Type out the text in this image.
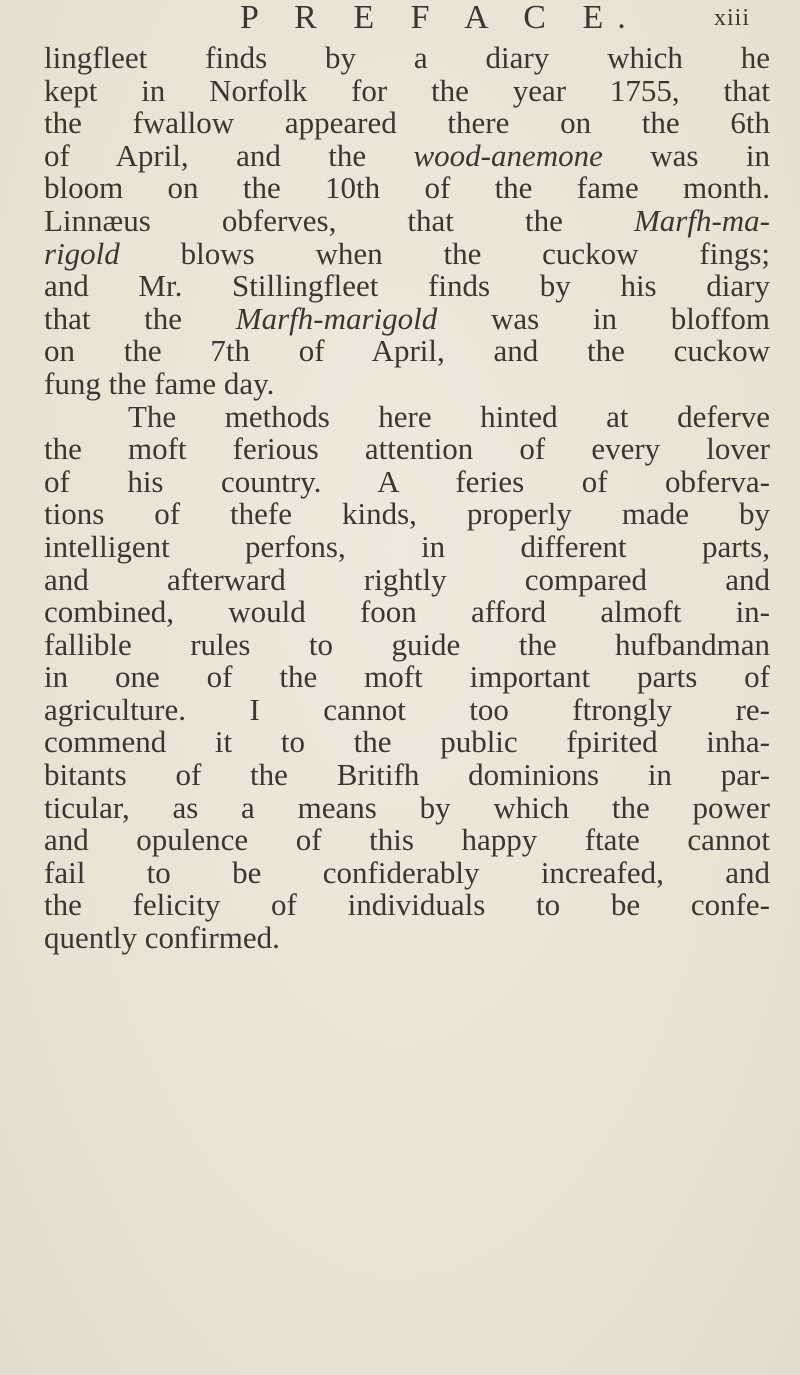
P R E F A C E.	xiii
lingfleet finds by a diary which he
kept in Norfolk for the year 1755, that
the fwallow appeared there on the 6th
of April, and the wood-anemone was in
bloom on the 10th of the fame month.
Linnæus obferves, that the Marfh-ma-
rigold blows when the cuckow fings;
and Mr. Stillingfleet finds by his diary
that the Marfh-marigold was in bloffom
on the 7th of April, and the cuckow
fung the fame day.
The methods here hinted at deferve
the moft ferious attention of every lover
of his country. A feries of obferva-
tions of thefe kinds, properly made by
intelligent perfons, in different parts,
and afterward rightly compared and
combined, would foon afford almoft in-
fallible rules to guide the hufbandman
in one of the moft important parts of
agriculture. I cannot too ftrongly re-
commend it to the public fpirited inha-
bitants of the Britifh dominions in par-
ticular, as a means by which the power
and opulence of this happy ftate cannot
fail to be confiderably increafed, and
the felicity of individuals to be confe-
quently confirmed.
